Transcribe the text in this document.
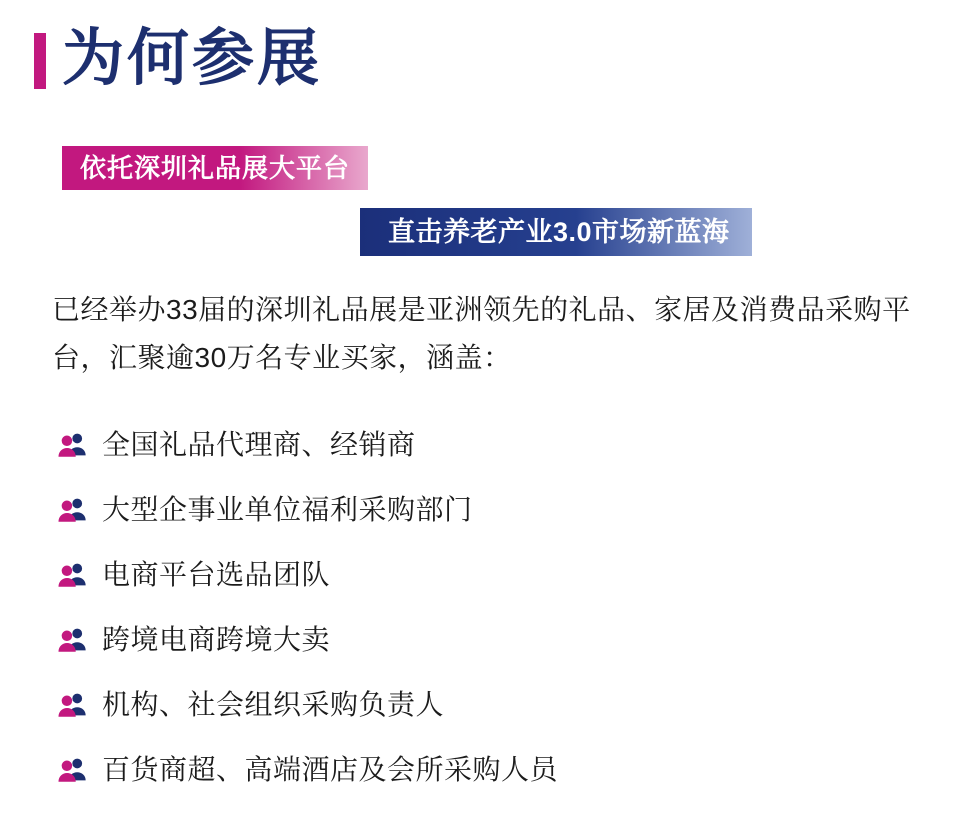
为何参展
依托深圳礼品展大平台
直击养老产业3.0市场新蓝海

已经举办33届的深圳礼品展是亚洲领先的礼品、家居及消费品采购平台，汇聚逾30万名专业买家，涵盖：

全国礼品代理商、经销商
大型企事业单位福利采购部门
电商平台选品团队
跨境电商跨境大卖
机构、社会组织采购负责人
百货商超、高端酒店及会所采购人员
